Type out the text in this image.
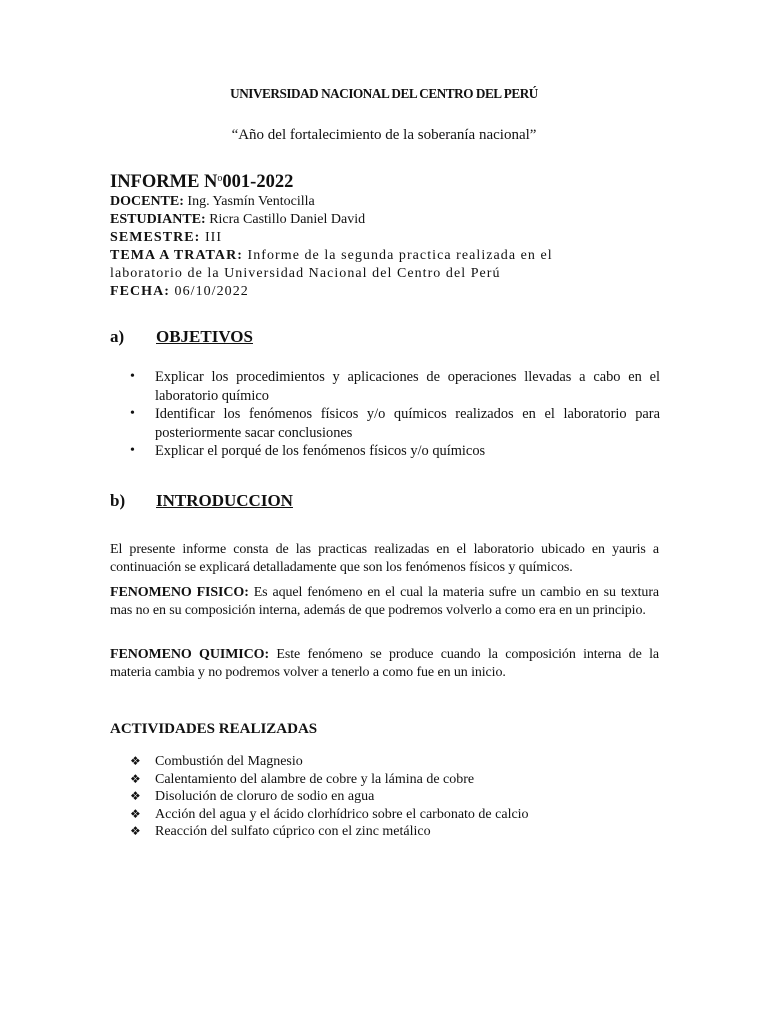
UNIVERSIDAD NACIONAL DEL CENTRO DEL PERÚ
“Año del fortalecimiento de la soberanía nacional”
INFORME $N^o001-2022$
DOCENTE: Ing. Yasmín Ventocilla
ESTUDIANTE: Ricra Castillo Daniel David
SEMESTRE: III
TEMA A TRATAR: Informe de la segunda practica realizada en el
laboratorio de la Universidad Nacional del Centro del Perú
FECHA: 06/10/2022
a) OBJETIVOS
• Explicar los procedimientos y aplicaciones de operaciones llevadas a cabo en el laboratorio químico
• Identificar los fenómenos físicos y/o químicos realizados en el laboratorio para posteriormente sacar conclusiones
• Explicar el porqué de los fenómenos físicos y/o químicos
b) INTRODUCCION
El presente informe consta de las practicas realizadas en el laboratorio ubicado en yauris a continuación se explicará detalladamente que son los fenómenos físicos y químicos.
FENOMENO FISICO: Es aquel fenómeno en el cual la materia sufre un cambio en su textura mas no en su composición interna, además de que podremos volverlo a como era en un principio.
FENOMENO QUIMICO: Este fenómeno se produce cuando la composición interna de la materia cambia y no podremos volver a tenerlo a como fue en un inicio.
ACTIVIDADES REALIZADAS
❖ Combustión del Magnesio
❖ Calentamiento del alambre de cobre y la lámina de cobre
❖ Disolución de cloruro de sodio en agua
❖ Acción del agua y el ácido clorhídrico sobre el carbonato de calcio
❖ Reacción del sulfato cúprico con el zinc metálico
